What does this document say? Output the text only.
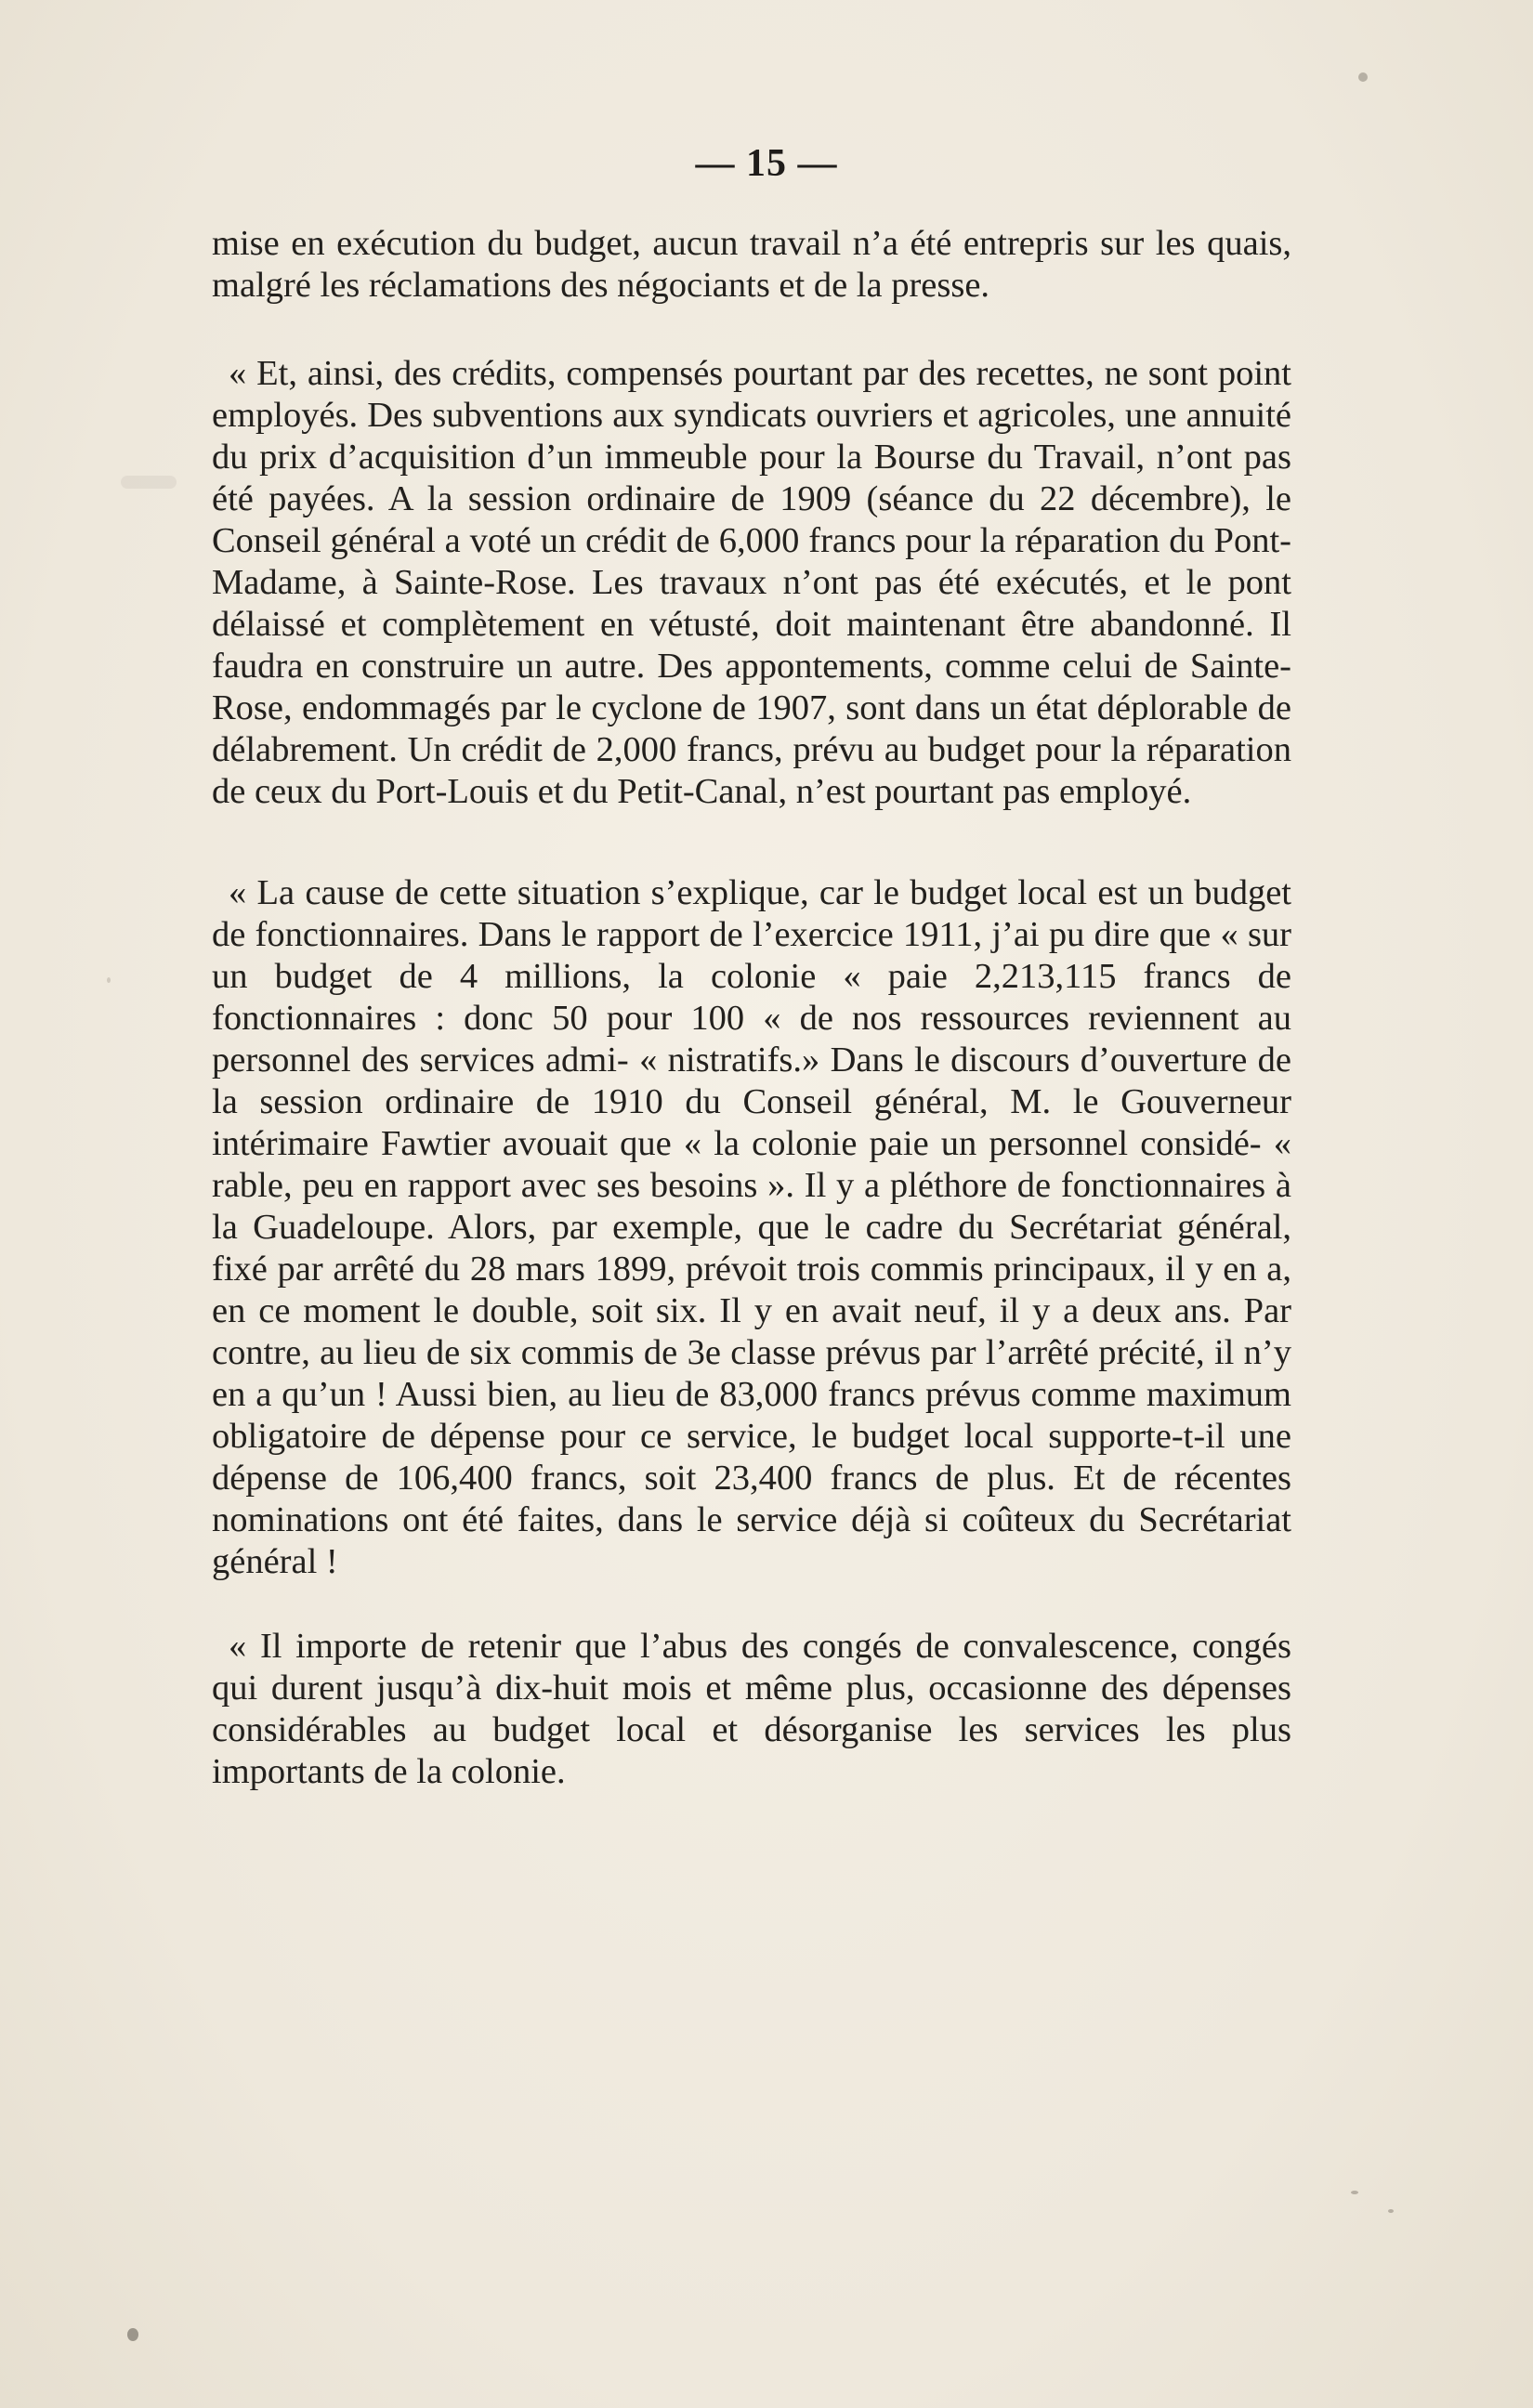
— 15 —

mise en exécution du budget, aucun travail n’a été entrepris sur les quais, malgré les réclamations des négociants et de la presse.

« Et, ainsi, des crédits, compensés pourtant par des recettes, ne sont point employés. Des subventions aux syndicats ouvriers et agricoles, une annuité du prix d’acquisition d’un immeuble pour la Bourse du Travail, n’ont pas été payées. A la session ordinaire de 1909 (séance du 22 décembre), le Conseil général a voté un crédit de 6,000 francs pour la réparation du Pont-Madame, à Sainte-Rose. Les travaux n’ont pas été exécutés, et le pont délaissé et complètement en vétusté, doit maintenant être abandonné. Il faudra en construire un autre. Des appontements, comme celui de Sainte-Rose, endommagés par le cyclone de 1907, sont dans un état déplorable de délabrement. Un crédit de 2,000 francs, prévu au budget pour la réparation de ceux du Port-Louis et du Petit-Canal, n’est pourtant pas employé.

« La cause de cette situation s’explique, car le budget local est un budget de fonctionnaires. Dans le rapport de l’exercice 1911, j’ai pu dire que « sur un budget de 4 millions, la colonie « paie 2,213,115 francs de fonctionnaires : donc 50 pour 100 « de nos ressources reviennent au personnel des services admi- « nistratifs.» Dans le discours d’ouverture de la session ordinaire de 1910 du Conseil général, M. le Gouverneur intérimaire Fawtier avouait que « la colonie paie un personnel considé- « rable, peu en rapport avec ses besoins ». Il y a pléthore de fonctionnaires à la Guadeloupe. Alors, par exemple, que le cadre du Secrétariat général, fixé par arrêté du 28 mars 1899, prévoit trois commis principaux, il y en a, en ce moment le double, soit six. Il y en avait neuf, il y a deux ans. Par contre, au lieu de six commis de 3e classe prévus par l’arrêté précité, il n’y en a qu’un ! Aussi bien, au lieu de 83,000 francs prévus comme maximum obligatoire de dépense pour ce service, le budget local supporte-t-il une dépense de 106,400 francs, soit 23,400 francs de plus. Et de récentes nominations ont été faites, dans le service déjà si coûteux du Secrétariat général !

« Il importe de retenir que l’abus des congés de convalescence, congés qui durent jusqu’à dix-huit mois et même plus, occasionne des dépenses considérables au budget local et désorganise les services les plus importants de la colonie.
